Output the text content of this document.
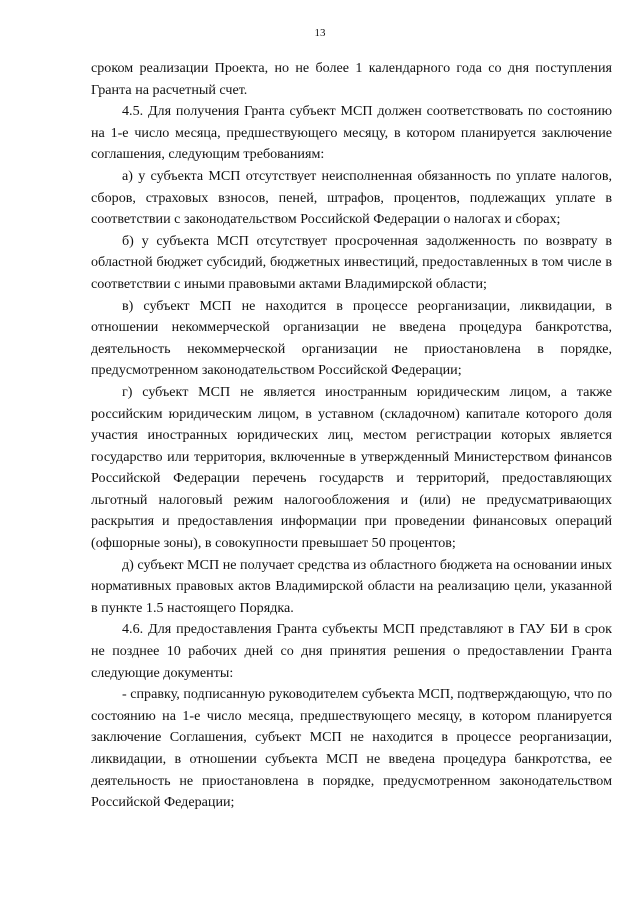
13

сроком реализации Проекта, но не более 1 календарного года со дня поступления Гранта на расчетный счет.

4.5. Для получения Гранта субъект МСП должен соответствовать по состоянию на 1-е число месяца, предшествующего месяцу, в котором планируется заключение соглашения, следующим требованиям:

а) у субъекта МСП отсутствует неисполненная обязанность по уплате налогов, сборов, страховых взносов, пеней, штрафов, процентов, подлежащих уплате в соответствии с законодательством Российской Федерации о налогах и сборах;

б) у субъекта МСП отсутствует просроченная задолженность по возврату в областной бюджет субсидий, бюджетных инвестиций, предоставленных в том числе в соответствии с иными правовыми актами Владимирской области;

в) субъект МСП не находится в процессе реорганизации, ликвидации, в отношении некоммерческой организации не введена процедура банкротства, деятельность некоммерческой организации не приостановлена в порядке, предусмотренном законодательством Российской Федерации;

г) субъект МСП не является иностранным юридическим лицом, а также российским юридическим лицом, в уставном (складочном) капитале которого доля участия иностранных юридических лиц, местом регистрации которых является государство или территория, включенные в утвержденный Министерством финансов Российской Федерации перечень государств и территорий, предоставляющих льготный налоговый режим налогообложения и (или) не предусматривающих раскрытия и предоставления информации при проведении финансовых операций (офшорные зоны), в совокупности превышает 50 процентов;

д) субъект МСП не получает средства из областного бюджета на основании иных нормативных правовых актов Владимирской области на реализацию цели, указанной в пункте 1.5 настоящего Порядка.

4.6. Для предоставления Гранта субъекты МСП представляют в ГАУ БИ в срок не позднее 10 рабочих дней со дня принятия решения о предоставлении Гранта следующие документы:

- справку, подписанную руководителем субъекта МСП, подтверждающую, что по состоянию на 1-е число месяца, предшествующего месяцу, в котором планируется заключение Соглашения, субъект МСП не находится в процессе реорганизации, ликвидации, в отношении субъекта МСП не введена процедура банкротства, ее деятельность не приостановлена в порядке, предусмотренном законодательством Российской Федерации;
